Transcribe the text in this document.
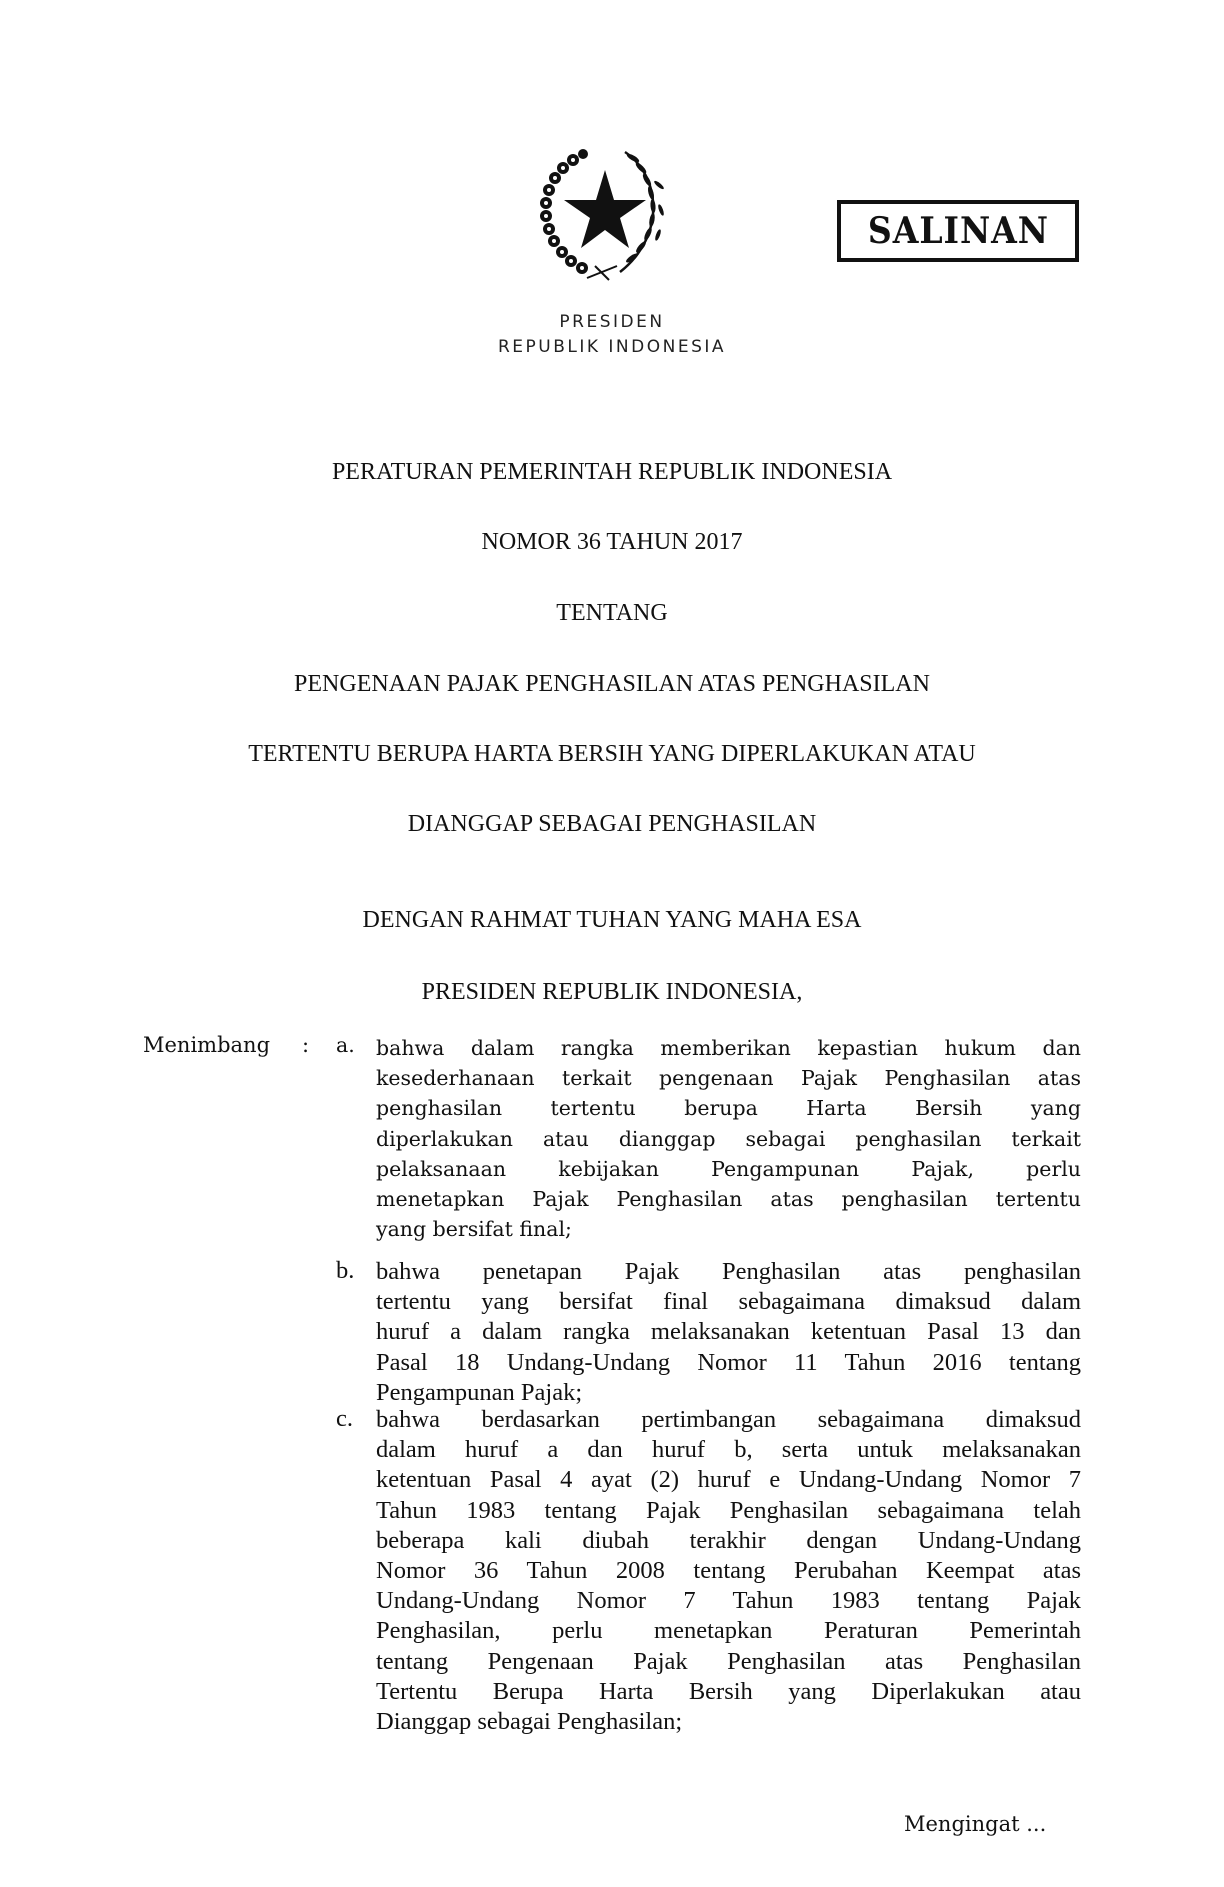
SALINAN
PRESIDEN
REPUBLIK INDONESIA
PERATURAN PEMERINTAH REPUBLIK INDONESIA
NOMOR 36 TAHUN 2017
TENTANG
PENGENAAN PAJAK PENGHASILAN ATAS PENGHASILAN
TERTENTU BERUPA HARTA BERSIH YANG DIPERLAKUKAN ATAU
DIANGGAP SEBAGAI PENGHASILAN
DENGAN RAHMAT TUHAN YANG MAHA ESA
PRESIDEN REPUBLIK INDONESIA,
Menimbang : a. bahwa dalam rangka memberikan kepastian hukum dan
kesederhanaan terkait pengenaan Pajak Penghasilan atas
penghasilan tertentu berupa Harta Bersih yang
diperlakukan atau dianggap sebagai penghasilan terkait
pelaksanaan kebijakan Pengampunan Pajak, perlu
menetapkan Pajak Penghasilan atas penghasilan tertentu
yang bersifat final;
b. bahwa penetapan Pajak Penghasilan atas penghasilan
tertentu yang bersifat final sebagaimana dimaksud dalam
huruf a dalam rangka melaksanakan ketentuan Pasal 13 dan
Pasal 18 Undang-Undang Nomor 11 Tahun 2016 tentang
Pengampunan Pajak;
c. bahwa berdasarkan pertimbangan sebagaimana dimaksud
dalam huruf a dan huruf b, serta untuk melaksanakan
ketentuan Pasal 4 ayat (2) huruf e Undang-Undang Nomor 7
Tahun 1983 tentang Pajak Penghasilan sebagaimana telah
beberapa kali diubah terakhir dengan Undang-Undang
Nomor 36 Tahun 2008 tentang Perubahan Keempat atas
Undang-Undang Nomor 7 Tahun 1983 tentang Pajak
Penghasilan, perlu menetapkan Peraturan Pemerintah
tentang Pengenaan Pajak Penghasilan atas Penghasilan
Tertentu Berupa Harta Bersih yang Diperlakukan atau
Dianggap sebagai Penghasilan;
Mengingat ...
